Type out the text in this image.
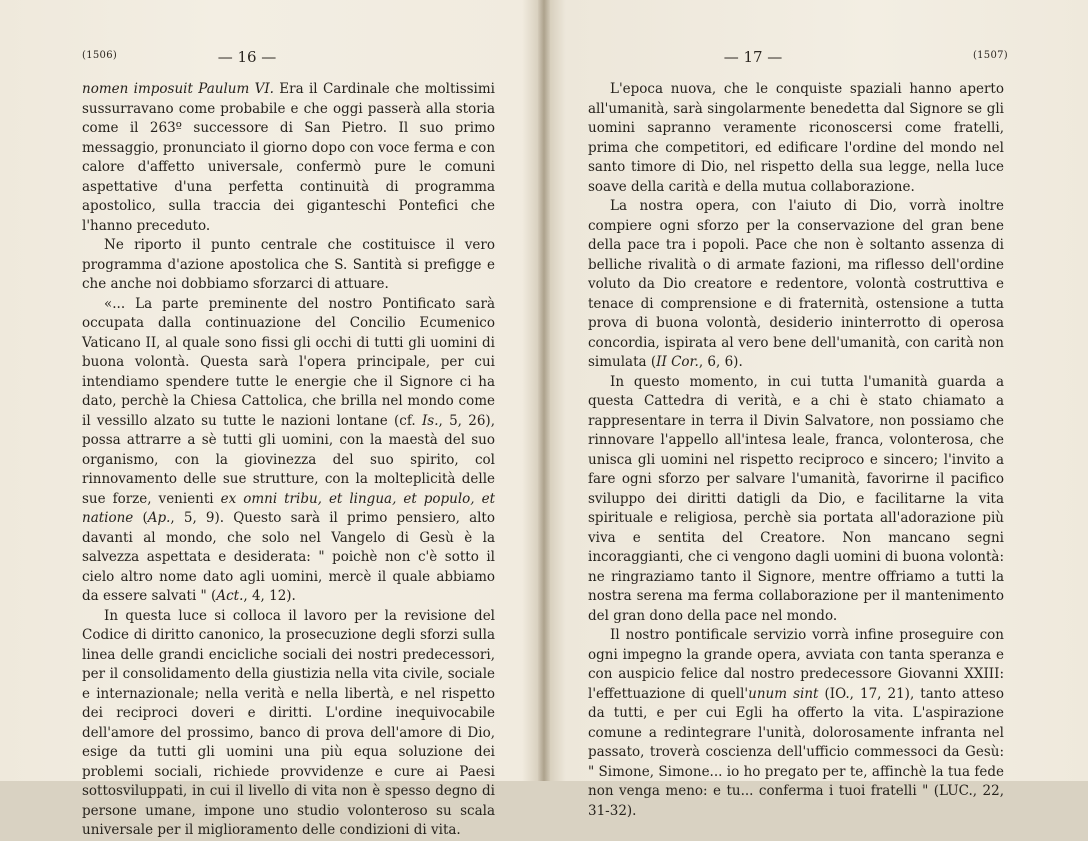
(1506)	— 16 —

nomen imposuit Paulum VI. Era il Cardinale che moltissimi sussurravano come probabile e che oggi passerà alla storia come il 263º successore di San Pietro. Il suo primo messaggio, pronunciato il giorno dopo con voce ferma e con calore d'affetto universale, confermò pure le comuni aspettative d'una perfetta continuità di programma apostolico, sulla traccia dei giganteschi Pontefici che l'hanno preceduto.

Ne riporto il punto centrale che costituisce il vero programma d'azione apostolica che S. Santità si prefigge e che anche noi dobbiamo sforzarci di attuare.

«... La parte preminente del nostro Pontificato sarà occupata dalla continuazione del Concilio Ecumenico Vaticano II, al quale sono fissi gli occhi di tutti gli uomini di buona volontà. Questa sarà l'opera principale, per cui intendiamo spendere tutte le energie che il Signore ci ha dato, perchè la Chiesa Cattolica, che brilla nel mondo come il vessillo alzato su tutte le nazioni lontane (cf. Is., 5, 26), possa attrarre a sè tutti gli uomini, con la maestà del suo organismo, con la giovinezza del suo spirito, col rinnovamento delle sue strutture, con la molteplicità delle sue forze, venienti ex omni tribu, et lingua, et populo, et natione (Ap., 5, 9). Questo sarà il primo pensiero, alto davanti al mondo, che solo nel Vangelo di Gesù è la salvezza aspettata e desiderata: " poichè non c'è sotto il cielo altro nome dato agli uomini, mercè il quale abbiamo da essere salvati " (Act., 4, 12).

In questa luce si colloca il lavoro per la revisione del Codice di diritto canonico, la prosecuzione degli sforzi sulla linea delle grandi encicliche sociali dei nostri predecessori, per il consolidamento della giustizia nella vita civile, sociale e internazionale; nella verità e nella libertà, e nel rispetto dei reciproci doveri e diritti. L'ordine inequivocabile dell'amore del prossimo, banco di prova dell'amore di Dio, esige da tutti gli uomini una più equa soluzione dei problemi sociali, richiede provvidenze e cure ai Paesi sottosviluppati, in cui il livello di vita non è spesso degno di persone umane, impone uno studio volonteroso su scala universale per il miglioramento delle condizioni di vita.

— 17 —	(1507)

L'epoca nuova, che le conquiste spaziali hanno aperto all'umanità, sarà singolarmente benedetta dal Signore se gli uomini sapranno veramente riconoscersi come fratelli, prima che competitori, ed edificare l'ordine del mondo nel santo timore di Dio, nel rispetto della sua legge, nella luce soave della carità e della mutua collaborazione.

La nostra opera, con l'aiuto di Dio, vorrà inoltre compiere ogni sforzo per la conservazione del gran bene della pace tra i popoli. Pace che non è soltanto assenza di belliche rivalità o di armate fazioni, ma riflesso dell'ordine voluto da Dio creatore e redentore, volontà costruttiva e tenace di comprensione e di fraternità, ostensione a tutta prova di buona volontà, desiderio ininterrotto di operosa concordia, ispirata al vero bene dell'umanità, con carità non simulata (II Cor., 6, 6).

In questo momento, in cui tutta l'umanità guarda a questa Cattedra di verità, e a chi è stato chiamato a rappresentare in terra il Divin Salvatore, non possiamo che rinnovare l'appello all'intesa leale, franca, volonterosa, che unisca gli uomini nel rispetto reciproco e sincero; l'invito a fare ogni sforzo per salvare l'umanità, favorirne il pacifico sviluppo dei diritti datigli da Dio, e facilitarne la vita spirituale e religiosa, perchè sia portata all'adorazione più viva e sentita del Creatore. Non mancano segni incoraggianti, che ci vengono dagli uomini di buona volontà: ne ringraziamo tanto il Signore, mentre offriamo a tutti la nostra serena ma ferma collaborazione per il mantenimento del gran dono della pace nel mondo.

Il nostro pontificale servizio vorrà infine proseguire con ogni impegno la grande opera, avviata con tanta speranza e con auspicio felice dal nostro predecessore Giovanni XXIII: l'effettuazione di quell'unum sint (IO., 17, 21), tanto atteso da tutti, e per cui Egli ha offerto la vita. L'aspirazione comune a redintegrare l'unità, dolorosamente infranta nel passato, troverà coscienza dell'ufficio commessoci da Gesù: " Simone, Simone... io ho pregato per te, affinchè la tua fede non venga meno: e tu... conferma i tuoi fratelli " (LUC., 22, 31-32).
